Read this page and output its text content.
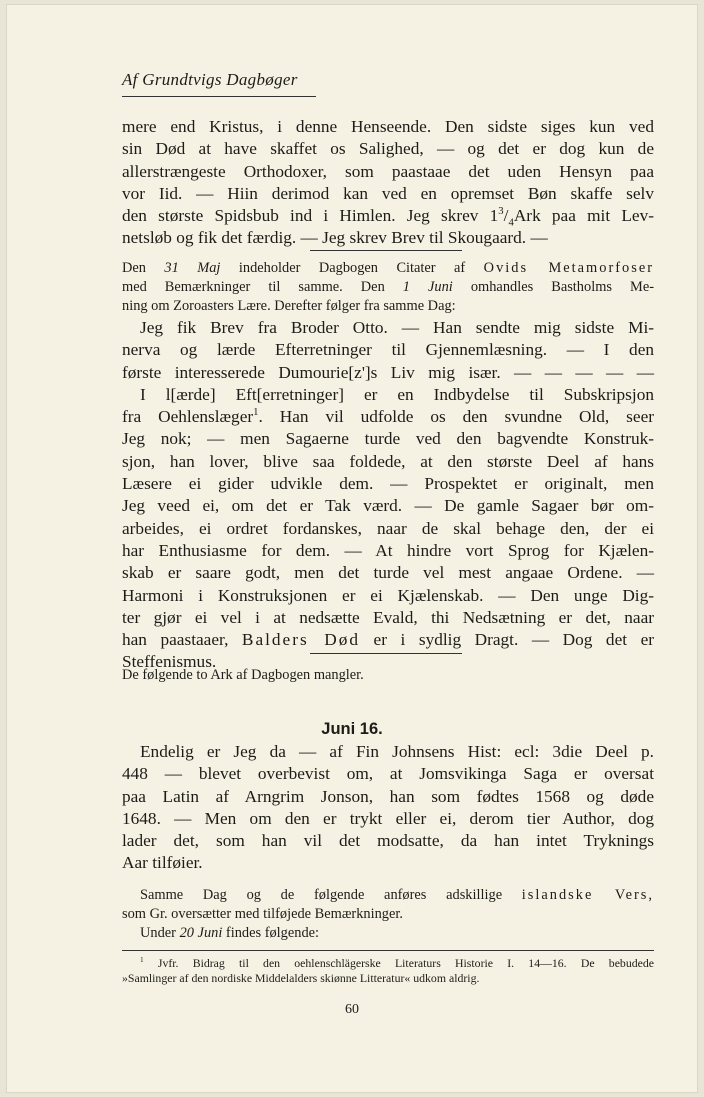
Af Grundtvigs Dagbøger
mere end Kristus, i denne Henseende. Den sidste siges kun ved
sin Død at have skaffet os Salighed, — og det er dog kun de
allerstrængeste Orthodoxer, som paastaae det uden Hensyn paa
vor Iid. — Hiin derimod kan ved en opremset Bøn skaffe selv
den største Spidsbub ind i Himlen. Jeg skrev $1^3/_4Ark$ paa mit Lev-
netsløb og fik det færdig. — Jeg skrev Brev til Skougaard. —
Den 31 Maj indeholder Dagbogen Citater af Ovids Metamorfoser
med Bemærkninger til samme. Den 1 Juni omhandles Bastholms Me-
ning om Zoroasters Lære. Derefter følger fra samme Dag:
Jeg fik Brev fra Broder Otto. — Han sendte mig sidste Mi-
nerva og lærde Efterretninger til Gjennemlæsning. — I den
første interesserede Dumourie[z']s Liv mig især. — — — — —
I l[ærde] Eft[erretninger] er en Indbydelse til Subskripsjon
fra Oehlenslæger$^1$. Han vil udfolde os den svundne Old, seer
Jeg nok; — men Sagaerne turde ved den bagvendte Konstruk-
sjon, han lover, blive saa foldede, at den største Deel af hans
Læsere ei gider udvikle dem. — Prospektet er originalt, men
Jeg veed ei, om det er Tak værd. — De gamle Sagaer bør om-
arbeides, ei ordret fordanskes, naar de skal behage den, der ei
har Enthusiasme for dem. — At hindre vort Sprog for Kjælen-
skab er saare godt, men det turde vel mest angaae Ordene. —
Harmoni i Konstruksjonen er ei Kjælenskab. — Den unge Dig-
ter gjør ei vel i at nedsætte Evald, thi Nedsætning er det, naar
han paastaaer, Balders Død er i sydlig Dragt. — Dog det er
Steffenismus.
De følgende to Ark af Dagbogen mangler.
Juni 16.
Endelig er Jeg da — af Fin Johnsens Hist: ecl: 3die Deel p.
448 — blevet overbevist om, at Jomsvikinga Saga er oversat
paa Latin af Arngrim Jonson, han som fødtes 1568 og døde
1648. — Men om den er trykt eller ei, derom tier Author, dog
lader det, som han vil det modsatte, da han intet Tryknings
Aar tilføier.
Samme Dag og de følgende anføres adskillige islandske Vers,
som Gr. oversætter med tilføjede Bemærkninger.
Under 20 Juni findes følgende:
$^1$ Jvfr. Bidrag til den oehlenschlägerske Literaturs Historie I. 14—16. De bebudede
»Samlinger af den nordiske Middelalders skiønne Litteratur« udkom aldrig.
60
